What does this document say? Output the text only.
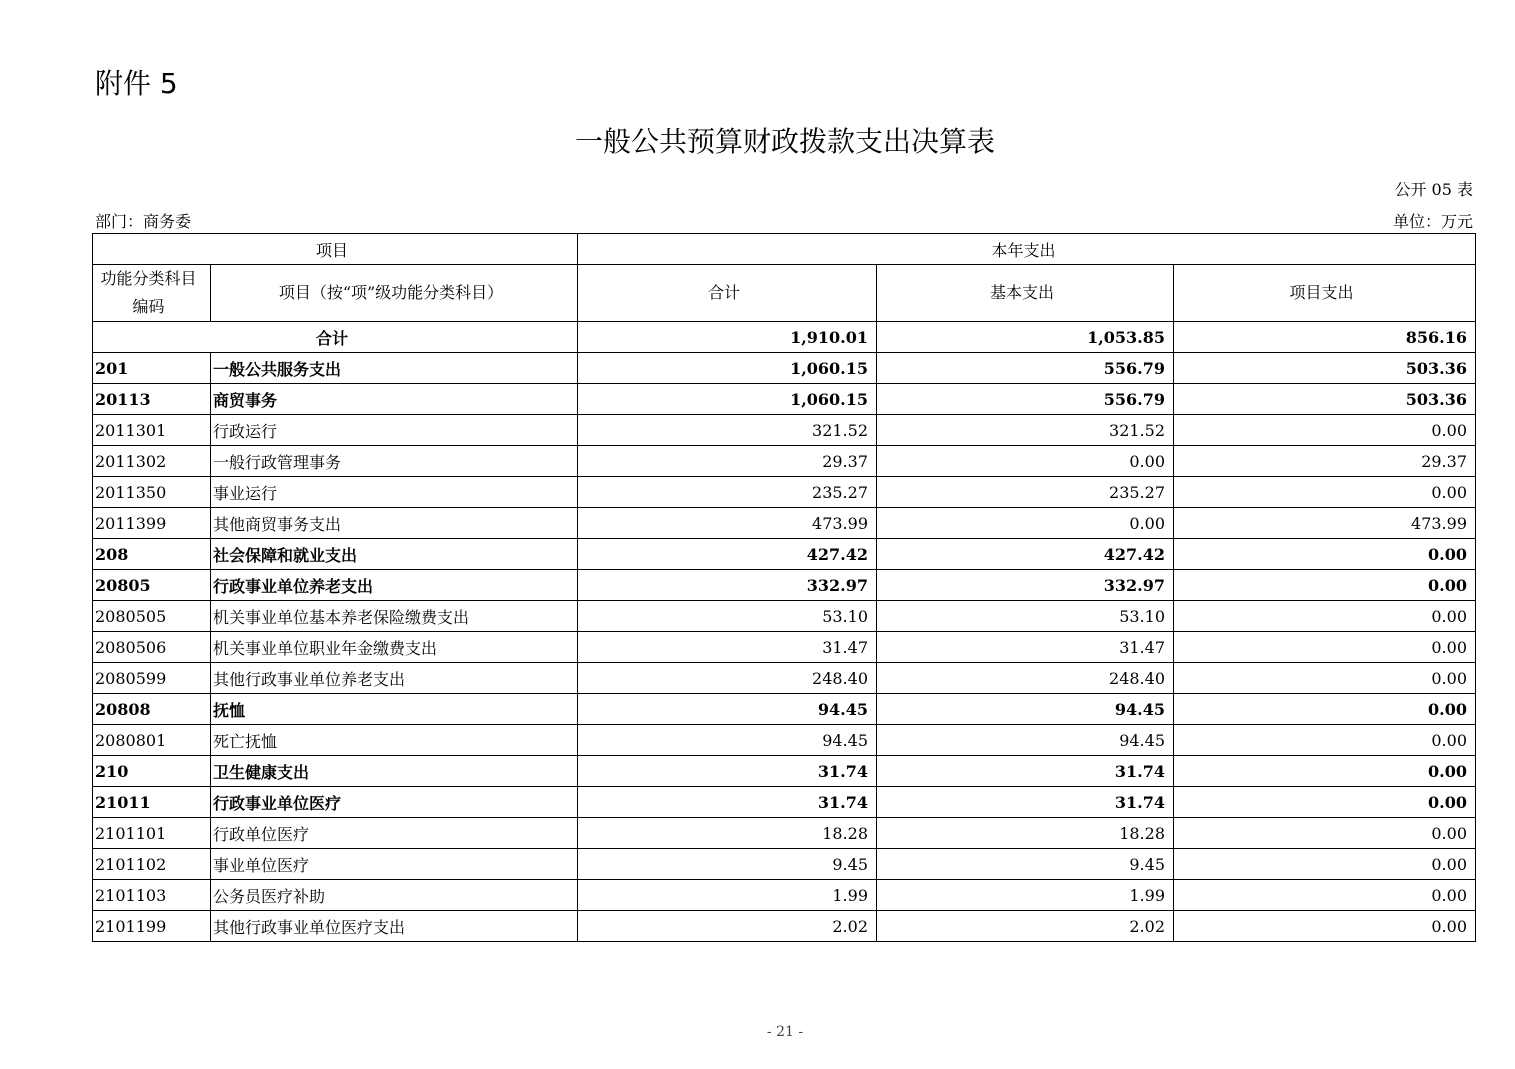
附件 5
一般公共预算财政拨款支出决算表
公开 05 表
部门：商务委	单位：万元
项目		本年支出		

功能分类科目编码	项目（按“项”级功能分类科目）	合计	基本支出	项目支出
合计		1,910.01	1,053.85	856.16
201	一般公共服务支出	1,060.15	556.79	503.36
20113	商贸事务	1,060.15	556.79	503.36
2011301	行政运行	321.52	321.52	0.00
2011302	一般行政管理事务	29.37	0.00	29.37
2011350	事业运行	235.27	235.27	0.00
2011399	其他商贸事务支出	473.99	0.00	473.99
208	社会保障和就业支出	427.42	427.42	0.00
20805	行政事业单位养老支出	332.97	332.97	0.00
2080505	机关事业单位基本养老保险缴费支出	53.10	53.10	0.00
2080506	机关事业单位职业年金缴费支出	31.47	31.47	0.00
2080599	其他行政事业单位养老支出	248.40	248.40	0.00
20808	抚恤	94.45	94.45	0.00
2080801	死亡抚恤	94.45	94.45	0.00
210	卫生健康支出	31.74	31.74	0.00
21011	行政事业单位医疗	31.74	31.74	0.00
2101101	行政单位医疗	18.28	18.28	0.00
2101102	事业单位医疗	9.45	9.45	0.00
2101103	公务员医疗补助	1.99	1.99	0.00
2101199	其他行政事业单位医疗支出	2.02	2.02	0.00
- 21 -
